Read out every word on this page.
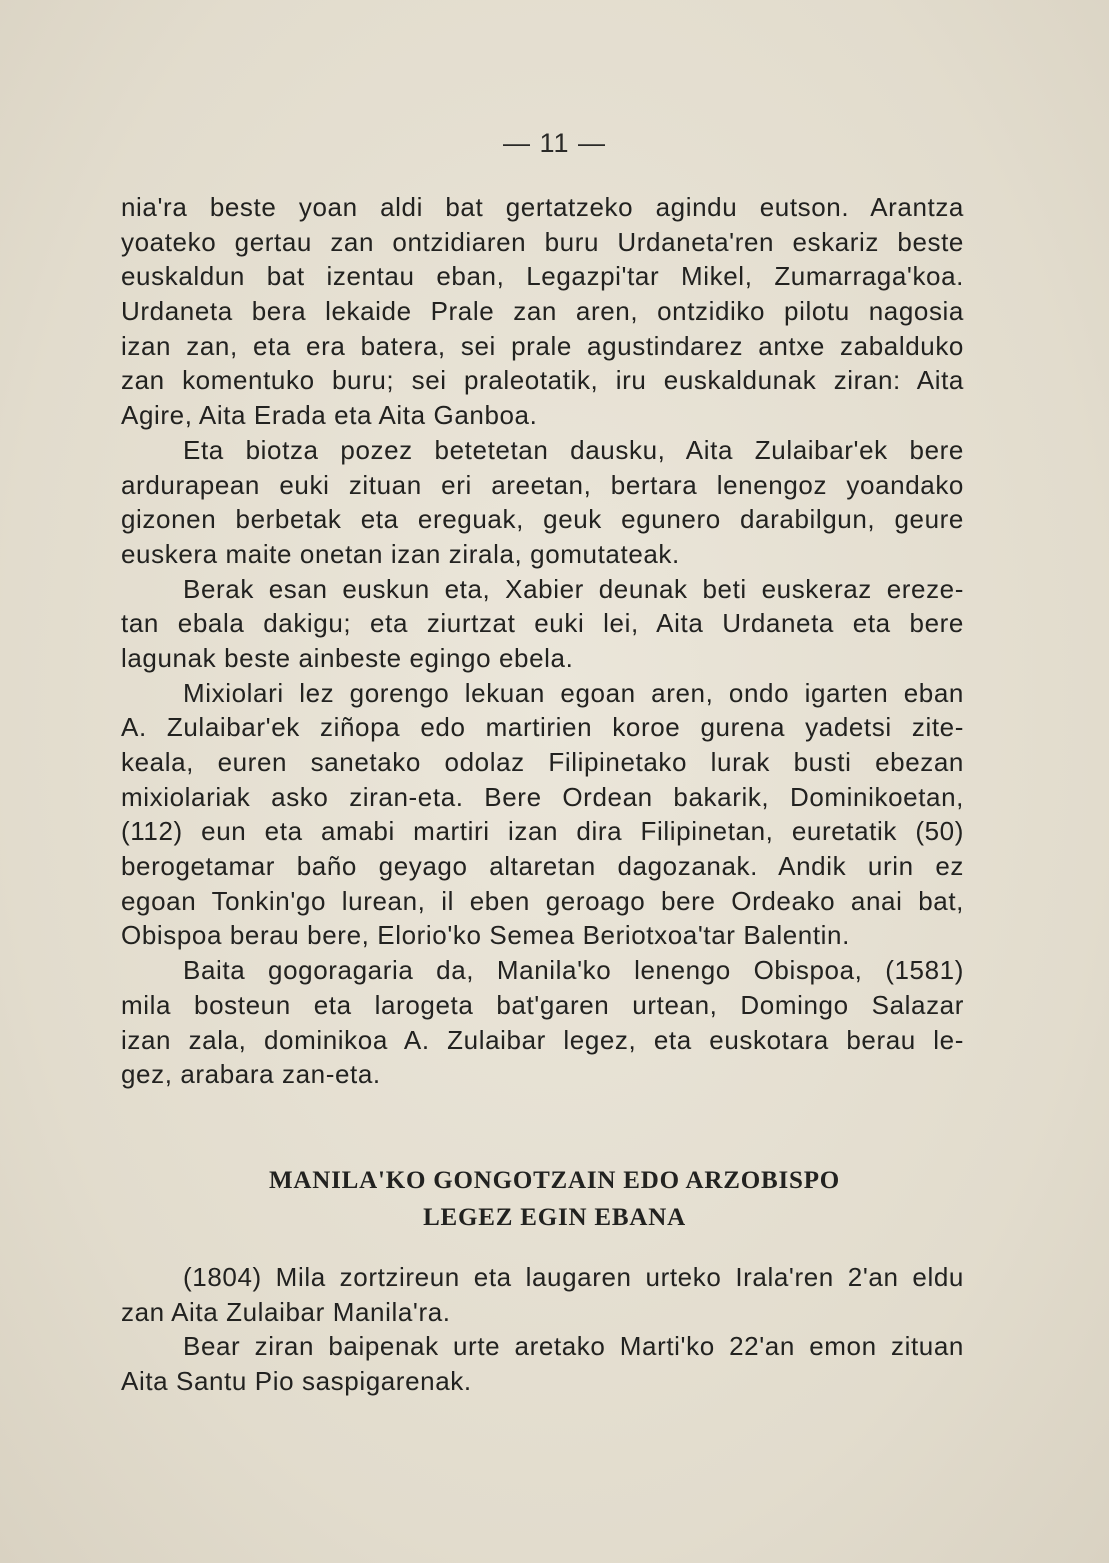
— 11 —
nia'ra beste yoan aldi bat gertatzeko agindu eutson. Arantza
yoateko gertau zan ontzidiaren buru Urdaneta'ren eskariz beste
euskaldun bat izentau eban, Legazpi'tar Mikel, Zumarraga'koa.
Urdaneta bera lekaide Prale zan aren, ontzidiko pilotu nagosia
izan zan, eta era batera, sei prale agustindarez antxe zabalduko
zan komentuko buru; sei praleotatik, iru euskaldunak ziran: Aita
Agire, Aita Erada eta Aita Ganboa.
Eta biotza pozez betetetan dausku, Aita Zulaibar'ek bere
ardurapean euki zituan eri areetan, bertara lenengoz yoandako
gizonen berbetak eta ereguak, geuk egunero darabilgun, geure
euskera maite onetan izan zirala, gomutateak.
Berak esan euskun eta, Xabier deunak beti euskeraz ereze-
tan ebala dakigu; eta ziurtzat euki lei, Aita Urdaneta eta bere
lagunak beste ainbeste egingo ebela.
Mixiolari lez gorengo lekuan egoan aren, ondo igarten eban
A. Zulaibar'ek ziñopa edo martirien koroe gurena yadetsi zite-
keala, euren sanetako odolaz Filipinetako lurak busti ebezan
mixiolariak asko ziran-eta. Bere Ordean bakarik, Dominikoetan,
(112) eun eta amabi martiri izan dira Filipinetan, euretatik (50)
berogetamar baño geyago altaretan dagozanak. Andik urin ez
egoan Tonkin'go lurean, il eben geroago bere Ordeako anai bat,
Obispoa berau bere, Elorio'ko Semea Beriotxoa'tar Balentin.
Baita gogoragaria da, Manila'ko lenengo Obispoa, (1581)
mila bosteun eta larogeta bat'garen urtean, Domingo Salazar
izan zala, dominikoa A. Zulaibar legez, eta euskotara berau le-
gez, arabara zan-eta.
MANILA'KO GONGOTZAIN EDO ARZOBISPO
LEGEZ EGIN EBANA
(1804) Mila zortzireun eta laugaren urteko Irala'ren 2'an eldu
zan Aita Zulaibar Manila'ra.
Bear ziran baipenak urte aretako Marti'ko 22'an emon zituan
Aita Santu Pio saspigarenak.
